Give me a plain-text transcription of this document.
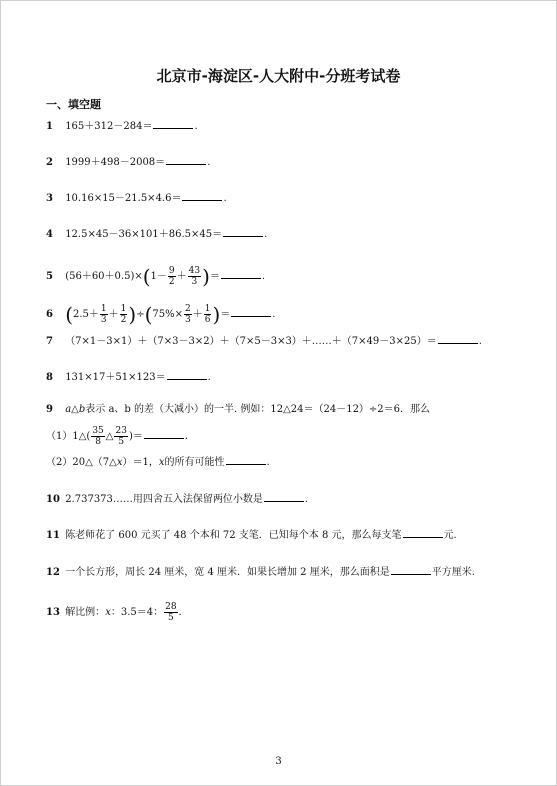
北京市-海淀区-人大附中-分班考试卷
一、填空题
1 165＋312－284＝	.
2 1999＋498－2008＝	.
3 10.16×15－21.5×4.6＝	.
4 12.5×45－36×101＋86.5×45＝	.
5 $(56+60+0.5)\times(1- \frac{9}{2} + \frac{43}{3}$ )＝	.
6 $(2.5+ \frac{1}{3} + \frac{1}{2} )\div(75\%\times \frac{2}{3} + \frac{1}{6}$ )＝	.
7 （7×1－3×1）＋（7×3－3×2）＋（7×5－3×3）＋……＋（7×49－3×25）＝	.
8 131×17＋51×123＝	.
9 a△b表示 a、b 的差（大减小）的一半. 例如：12△24＝（24－12）÷2＝6．那么
（1）1△( $\frac{35}{8}$ △ $\frac{23}{5}$ )＝	.
（2）20△（7△x）＝1，x的所有可能性	.
10 2.737373……用四舍五入法保留两位小数是	.
11 陈老师花了 600 元买了 48 个本和 72 支笔．已知每个本 8 元，那么每支笔	元.
12 一个长方形，周长 24 厘米，宽 4 厘米．如果长增加 2 厘米，那么面积是	平方厘米.
13 解比例：x：3.5＝4： $\frac{28}{5}$ .
3
